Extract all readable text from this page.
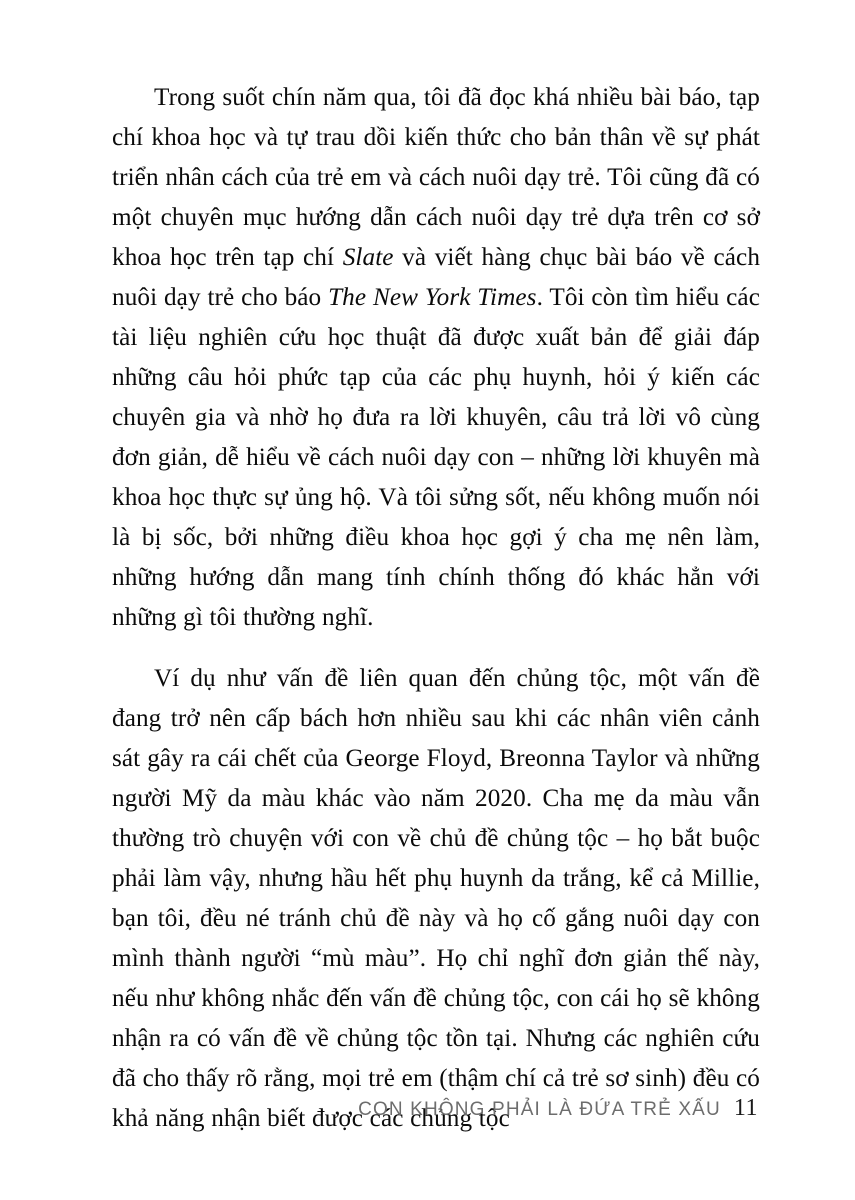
Trong suốt chín năm qua, tôi đã đọc khá nhiều bài báo, tạp chí khoa học và tự trau dồi kiến thức cho bản thân về sự phát triển nhân cách của trẻ em và cách nuôi dạy trẻ. Tôi cũng đã có một chuyên mục hướng dẫn cách nuôi dạy trẻ dựa trên cơ sở khoa học trên tạp chí Slate và viết hàng chục bài báo về cách nuôi dạy trẻ cho báo The New York Times. Tôi còn tìm hiểu các tài liệu nghiên cứu học thuật đã được xuất bản để giải đáp những câu hỏi phức tạp của các phụ huynh, hỏi ý kiến các chuyên gia và nhờ họ đưa ra lời khuyên, câu trả lời vô cùng đơn giản, dễ hiểu về cách nuôi dạy con – những lời khuyên mà khoa học thực sự ủng hộ. Và tôi sửng sốt, nếu không muốn nói là bị sốc, bởi những điều khoa học gợi ý cha mẹ nên làm, những hướng dẫn mang tính chính thống đó khác hẳn với những gì tôi thường nghĩ.

Ví dụ như vấn đề liên quan đến chủng tộc, một vấn đề đang trở nên cấp bách hơn nhiều sau khi các nhân viên cảnh sát gây ra cái chết của George Floyd, Breonna Taylor và những người Mỹ da màu khác vào năm 2020. Cha mẹ da màu vẫn thường trò chuyện với con về chủ đề chủng tộc – họ bắt buộc phải làm vậy, nhưng hầu hết phụ huynh da trắng, kể cả Millie, bạn tôi, đều né tránh chủ đề này và họ cố gắng nuôi dạy con mình thành người “mù màu”. Họ chỉ nghĩ đơn giản thế này, nếu như không nhắc đến vấn đề chủng tộc, con cái họ sẽ không nhận ra có vấn đề về chủng tộc tồn tại. Nhưng các nghiên cứu đã cho thấy rõ rằng, mọi trẻ em (thậm chí cả trẻ sơ sinh) đều có khả năng nhận biết được các chủng tộc

CON KHÔNG PHẢI LÀ ĐỨA TRẺ XẤU 11
